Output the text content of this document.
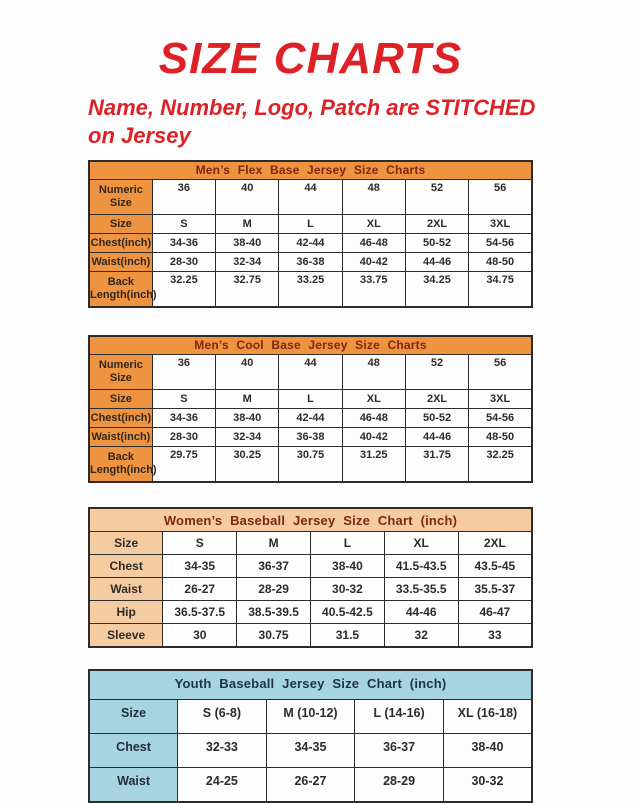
SIZE CHARTS
Name, Number, Logo, Patch are STITCHED
on Jersey
Men’s Flex Base Jersey Size Charts						
Numeric Size	36	40	44	48	52	56
Size	S	M	L	XL	2XL	3XL
Chest(inch)	34-36	38-40	42-44	46-48	50-52	54-56
Waist(inch)	28-30	32-34	36-38	40-42	44-46	48-50
Back Length(inch)	32.25	32.75	33.25	33.75	34.25	34.75
Men’s Cool Base Jersey Size Charts						
Numeric Size	36	40	44	48	52	56
Size	S	M	L	XL	2XL	3XL
Chest(inch)	34-36	38-40	42-44	46-48	50-52	54-56
Waist(inch)	28-30	32-34	36-38	40-42	44-46	48-50
Back Length(inch)	29.75	30.25	30.75	31.25	31.75	32.25
Women’s Baseball Jersey Size Chart (inch)					
Size	S	M	L	XL	2XL
Chest	34-35	36-37	38-40	41.5-43.5	43.5-45
Waist	26-27	28-29	30-32	33.5-35.5	35.5-37
Hip	36.5-37.5	38.5-39.5	40.5-42.5	44-46	46-47
Sleeve	30	30.75	31.5	32	33
Youth Baseball Jersey Size Chart (inch)				
Size	S (6-8)	M (10-12)	L (14-16)	XL (16-18)
Chest	32-33	34-35	36-37	38-40
Waist	24-25	26-27	28-29	30-32
